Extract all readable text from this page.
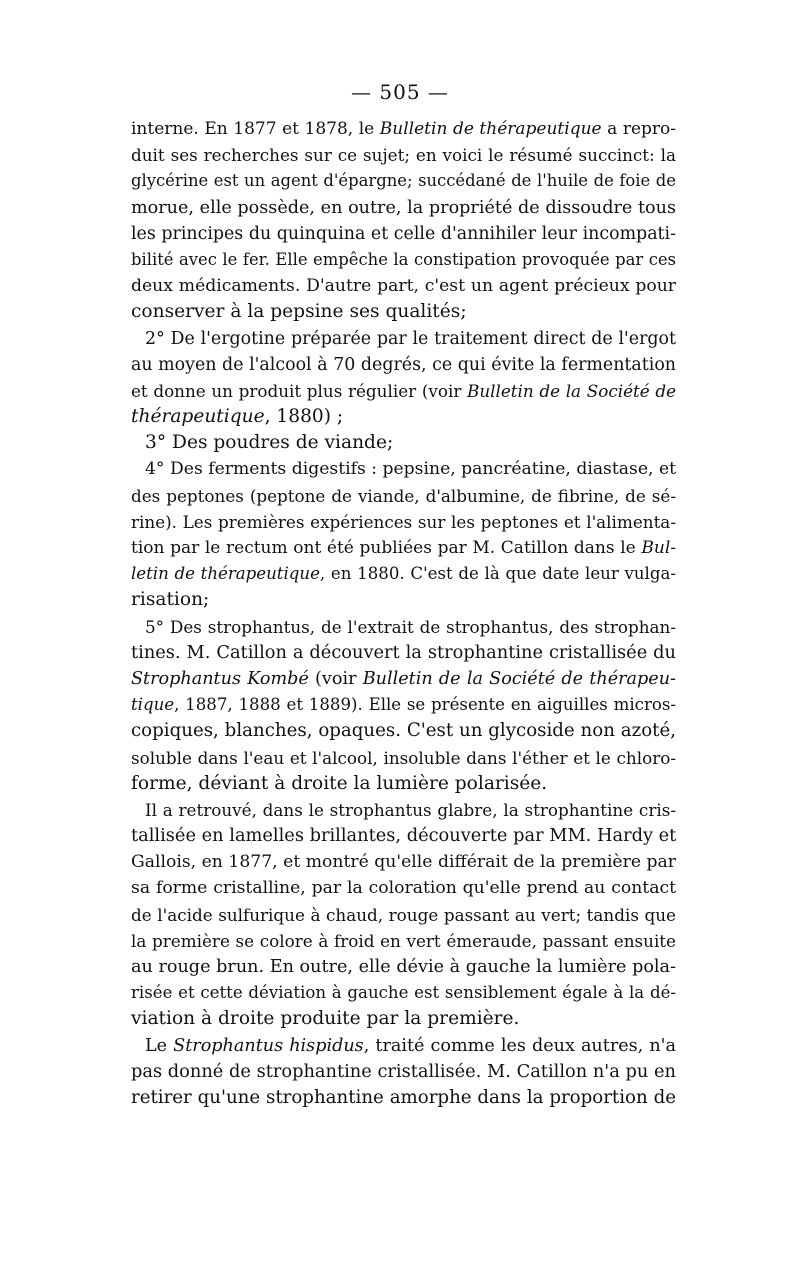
— 505 —
interne. En 1877 et 1878, le Bulletin de thérapeutique a repro-
duit ses recherches sur ce sujet; en voici le résumé succinct: la
glycérine est un agent d'épargne; succédané de l'huile de foie de
morue, elle possède, en outre, la propriété de dissoudre tous
les principes du quinquina et celle d'annihiler leur incompati-
bilité avec le fer. Elle empêche la constipation provoquée par ces
deux médicaments. D'autre part, c'est un agent précieux pour
conserver à la pepsine ses qualités;
2° De l'ergotine préparée par le traitement direct de l'ergot
au moyen de l'alcool à 70 degrés, ce qui évite la fermentation
et donne un produit plus régulier (voir Bulletin de la Société de
thérapeutique, 1880) ;
3° Des poudres de viande;
4° Des ferments digestifs : pepsine, pancréatine, diastase, et
des peptones (peptone de viande, d'albumine, de fibrine, de sé-
rine). Les premières expériences sur les peptones et l'alimenta-
tion par le rectum ont été publiées par M. Catillon dans le Bul-
letin de thérapeutique, en 1880. C'est de là que date leur vulga-
risation;
5° Des strophantus, de l'extrait de strophantus, des strophan-
tines. M. Catillon a découvert la strophantine cristallisée du
Strophantus Kombé (voir Bulletin de la Société de thérapeu-
tique, 1887, 1888 et 1889). Elle se présente en aiguilles micros-
copiques, blanches, opaques. C'est un glycoside non azoté,
soluble dans l'eau et l'alcool, insoluble dans l'éther et le chloro-
forme, déviant à droite la lumière polarisée.
Il a retrouvé, dans le strophantus glabre, la strophantine cris-
tallisée en lamelles brillantes, découverte par MM. Hardy et
Gallois, en 1877, et montré qu'elle différait de la première par
sa forme cristalline, par la coloration qu'elle prend au contact
de l'acide sulfurique à chaud, rouge passant au vert; tandis que
la première se colore à froid en vert émeraude, passant ensuite
au rouge brun. En outre, elle dévie à gauche la lumière pola-
risée et cette déviation à gauche est sensiblement égale à la dé-
viation à droite produite par la première.
Le Strophantus hispidus, traité comme les deux autres, n'a
pas donné de strophantine cristallisée. M. Catillon n'a pu en
retirer qu'une strophantine amorphe dans la proportion de
